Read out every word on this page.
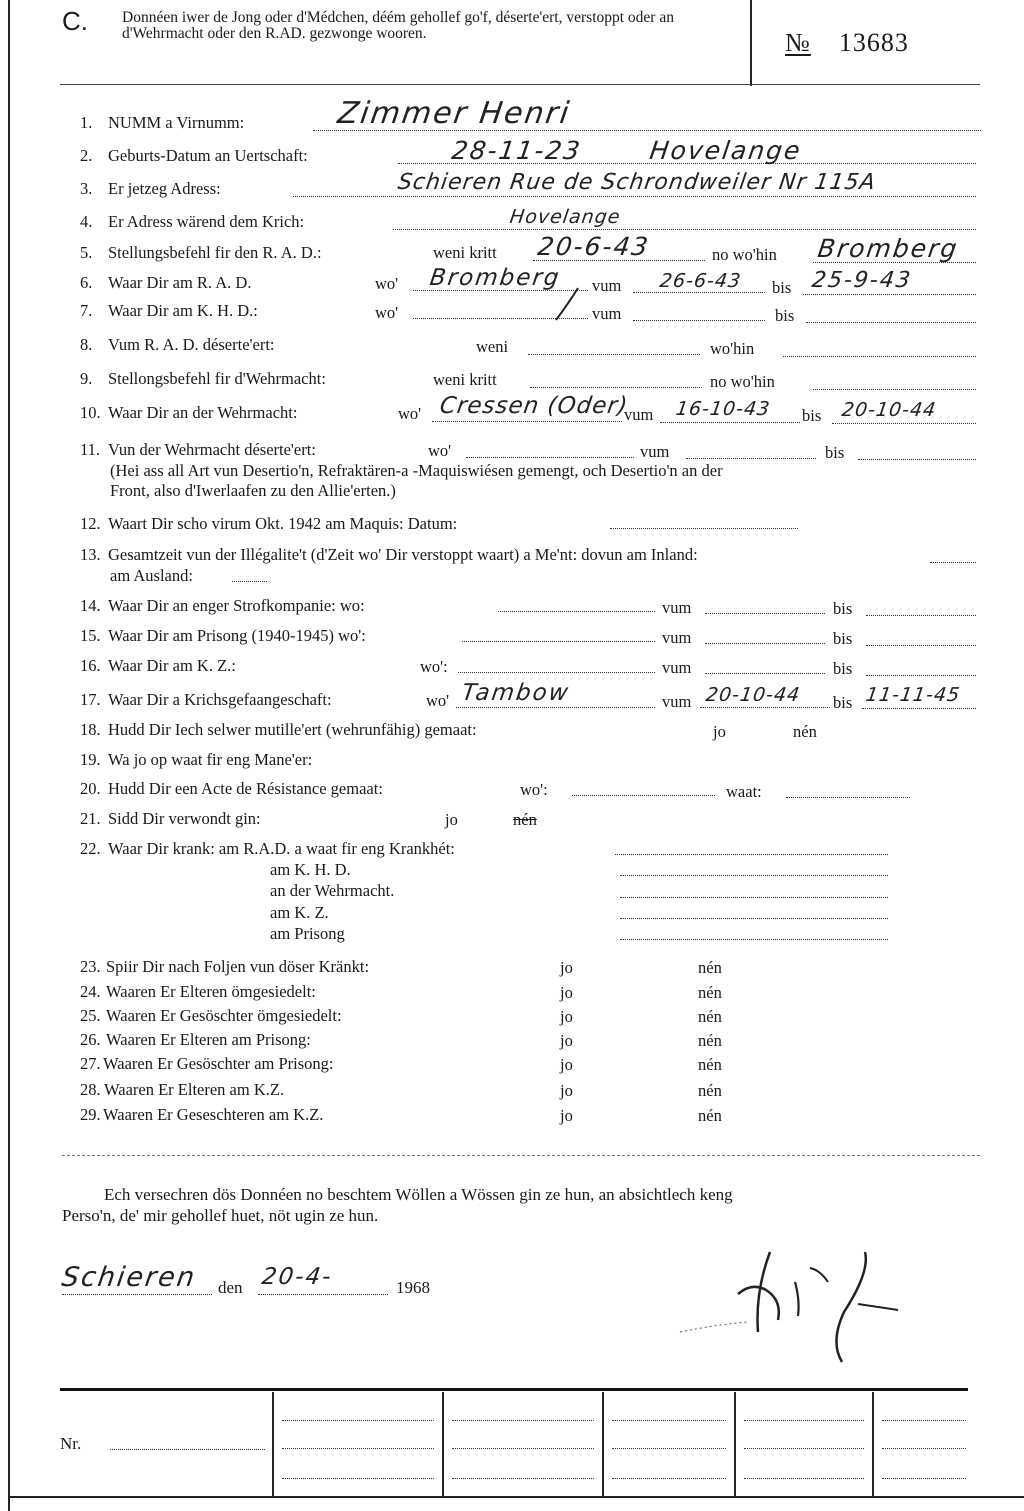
C. Donnéen iwer de Jong oder d'Médchen, déém gehollef go'f, déserte'ert, verstoppt oder an d'Wehrmacht oder den R.AD. gezwonge wooren.	№ 13683
1. NUMM a Virnumm:	Zimmer Henri
2. Geburts-Datum an Uertschaft:	28-11-23	Hovelange
3. Er jetzeg Adress:	Schieren Rue de Schrondweiler Nr 115A
4. Er Adress wärend dem Krich:	Hovelange
5. Stellungsbefehl fir den R. A. D.:	weni kritt	no wo'hin
20-6-43	Bromberg
6. Waar Dir am R. A. D.	wo'	vum	bis
Bromberg	26-6-43	25-9-43
7. Waar Dir am K. H. D.:	wo'	vum	bis
8. Vum R. A. D. déserte'ert:	weni	wo'hin
9. Stellongsbefehl fir d'Wehrmacht:	weni kritt	no wo'hin
10. Waar Dir an der Wehrmacht:	wo'	vum	bis
Cressen (Oder) 16-10-43	20-10-44
11. Vun der Wehrmacht déserte'ert:	wo'	vum	bis
(Hei ass all Art vun Desertio'n, Refraktären-a -Maquiswiésen gemengt, och Desertio'n an der
Front, also d'Iwerlaafen zu den Allie'erten.)
12. Waart Dir scho virum Okt. 1942 am Maquis: Datum:
13. Gesamtzeit vun der Illégalite't (d'Zeit wo' Dir verstoppt waart) a Me'nt: dovun am Inland:
am Ausland:
14. Waar Dir an enger Strofkompanie: wo:	vum	bis
15. Waar Dir am Prisong (1940-1945) wo':	vum	bis
16. Waar Dir am K. Z.:	wo':	vum	bis
17. Waar Dir a Krichsgefaangeschaft:	wo'	vum	bis
Tambow	20-10-44	11-11-45
18. Hudd Dir Iech selwer mutille'ert (wehrunfähig) gemaat:	jo	nén
19. Wa jo op waat fir eng Mane'er:
20. Hudd Dir een Acte de Résistance gemaat:	wo':	waat:
21. Sidd Dir verwondt gin:	jo	nén
22. Waar Dir krank: am R.A.D. a waat fir eng Krankhét:
am K. H. D.
an der Wehrmacht.
am K. Z.
am Prisong
23. Spiir Dir nach Foljen vun döser Kränkt:	jo	nén
24. Waaren Er Elteren ömgesiedelt:	jo	nén
25. Waaren Er Gesöschter ömgesiedelt:	jo	nén
26. Waaren Er Elteren am Prisong:	jo	nén
27. Waaren Er Gesöschter am Prisong:	jo	nén
28. Waaren Er Elteren am K.Z.	jo	nén
29. Waaren Er Geseschteren am K.Z.	jo	nén
Ech versechren dös Donnéen no beschtem Wöllen a Wössen gin ze hun, an absichtlech keng
Perso'n, de' mir gehollef huet, nöt ugin ze hun.
Schieren den 20-4-	1968
Nr.
